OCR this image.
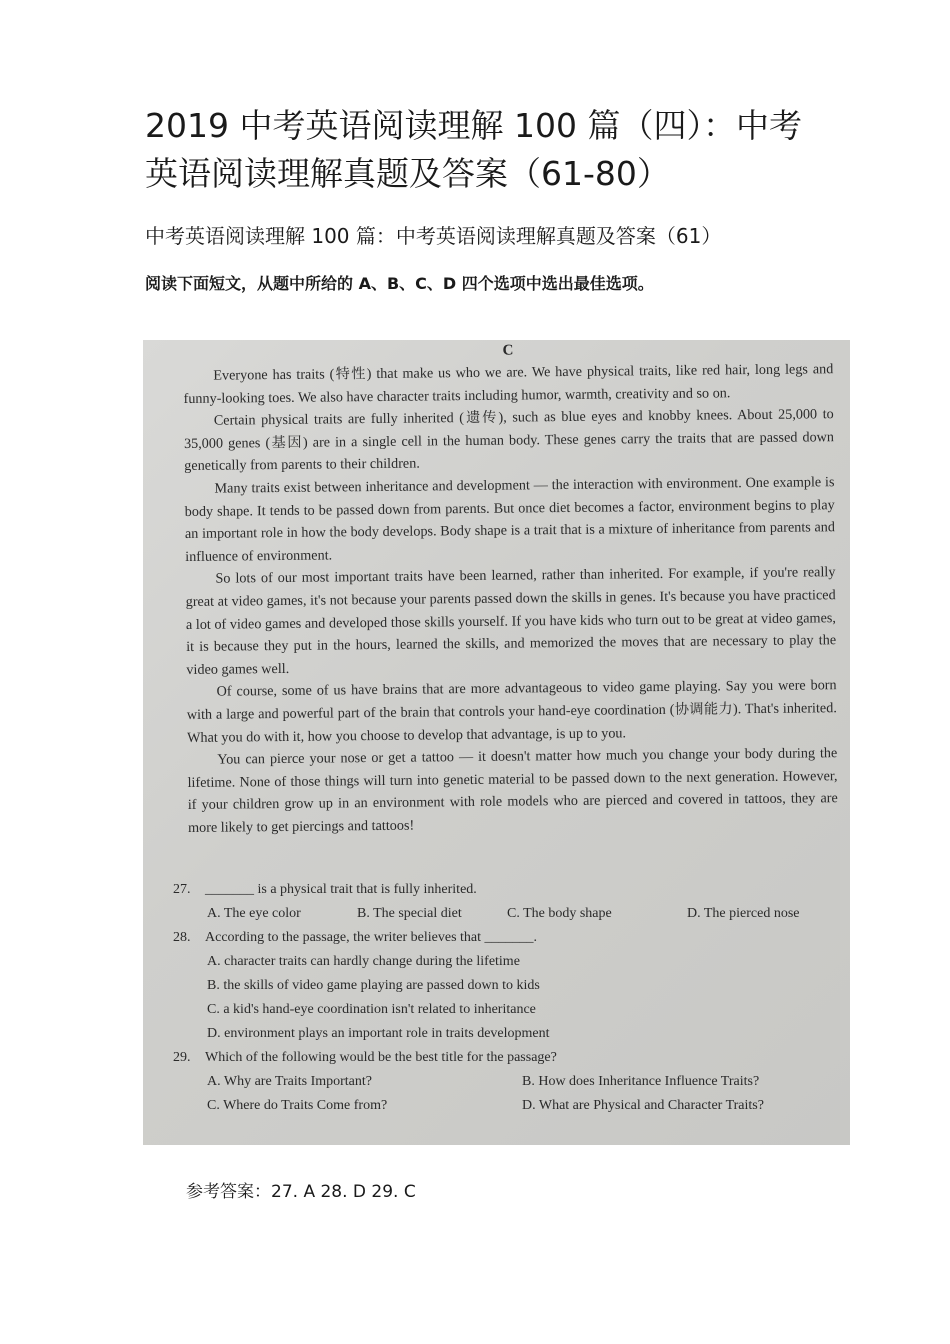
2019 中考英语阅读理解 100 篇（四）：中考英语阅读理解真题及答案（61-80）

中考英语阅读理解 100 篇：中考英语阅读理解真题及答案（61）

阅读下面短文，从题中所给的 A、B、C、D 四个选项中选出最佳选项。

C

Everyone has traits (特性) that make us who we are. We have physical traits, like red hair, long legs and funny-looking toes. We also have character traits including humor, warmth, creativity and so on.

Certain physical traits are fully inherited (遗传), such as blue eyes and knobby knees. About 25,000 to 35,000 genes (基因) are in a single cell in the human body. These genes carry the traits that are passed down genetically from parents to their children.

Many traits exist between inheritance and development — the interaction with environment. One example is body shape. It tends to be passed down from parents. But once diet becomes a factor, environment begins to play an important role in how the body develops. Body shape is a trait that is a mixture of inheritance from parents and influence of environment.

So lots of our most important traits have been learned, rather than inherited. For example, if you're really great at video games, it's not because your parents passed down the skills in genes. It's because you have practiced a lot of video games and developed those skills yourself. If you have kids who turn out to be great at video games, it is because they put in the hours, learned the skills, and memorized the moves that are necessary to play the video games well.

Of course, some of us have brains that are more advantageous to video game playing. Say you were born with a large and powerful part of the brain that controls your hand-eye coordination (协调能力). That's inherited. What you do with it, how you choose to develop that advantage, is up to you.

You can pierce your nose or get a tattoo — it doesn't matter how much you change your body during the lifetime. None of those things will turn into genetic material to be passed down to the next generation. However, if your children grow up in an environment with role models who are pierced and covered in tattoos, they are more likely to get piercings and tattoos!

27.	_______ is a physical trait that is fully inherited.
A. The eye color	B. The special diet	C. The body shape	D. The pierced nose
28.	According to the passage, the writer believes that _______.
A. character traits can hardly change during the lifetime
B. the skills of video game playing are passed down to kids
C. a kid's hand-eye coordination isn't related to inheritance
D. environment plays an important role in traits development
29.	Which of the following would be the best title for the passage?
A. Why are Traits Important?	B. How does Inheritance Influence Traits?
C. Where do Traits Come from?	D. What are Physical and Character Traits?

参考答案：27. A 28. D 29. C
